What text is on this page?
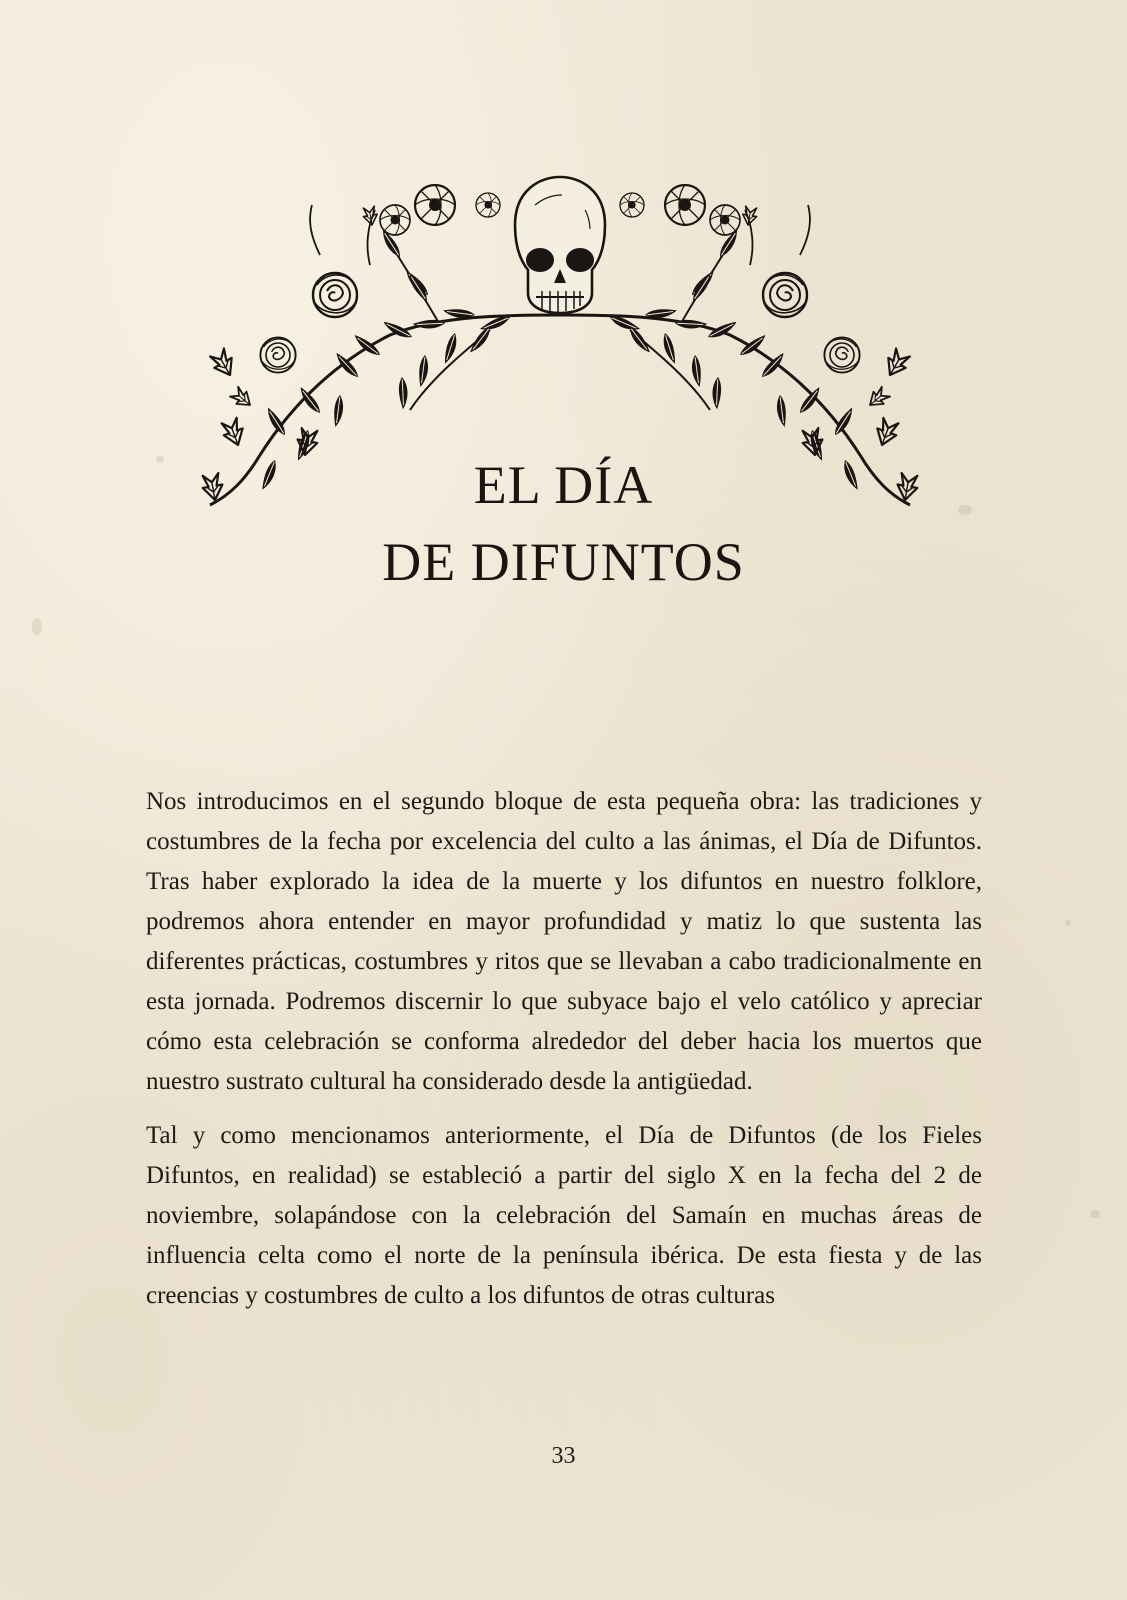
EL DÍA
DE DIFUNTOS

Nos introducimos en el segundo bloque de esta pequeña obra: las tradiciones y costumbres de la fecha por excelencia del culto a las ánimas, el Día de Difuntos. Tras haber explorado la idea de la muerte y los difuntos en nuestro folklore, podremos ahora entender en mayor profundidad y matiz lo que sustenta las diferentes prácticas, costumbres y ritos que se llevaban a cabo tradicionalmente en esta jornada. Podremos discernir lo que subyace bajo el velo católico y apreciar cómo esta celebración se conforma alrededor del deber hacia los muertos que nuestro sustrato cultural ha considerado desde la antigüedad.

Tal y como mencionamos anteriormente, el Día de Difuntos (de los Fieles Difuntos, en realidad) se estableció a partir del siglo X en la fecha del 2 de noviembre, solapándose con la celebración del Samaín en muchas áreas de influencia celta como el norte de la península ibérica. De esta fiesta y de las creencias y costumbres de culto a los difuntos de otras culturas

33
